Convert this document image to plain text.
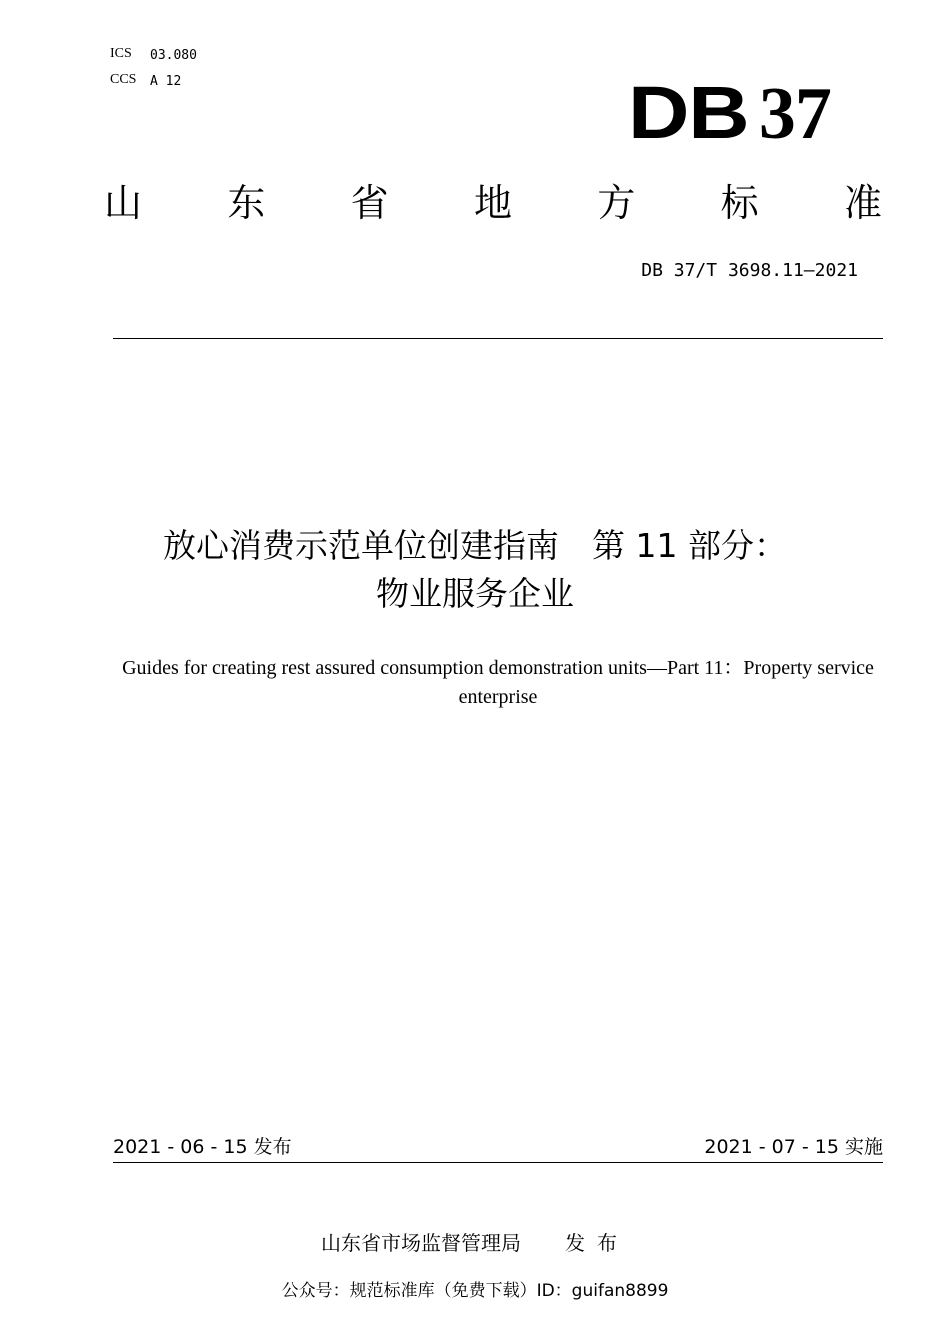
ICS 03.080
CCS A 12	DB 37
山 东 省 地 方 标 准
DB 37/T 3698.11—2021
放心消费示范单位创建指南　第 11 部分：
物业服务企业
Guides for creating rest assured consumption demonstration units—Part 11：Property service enterprise
2021 - 06 - 15 发布	2021 - 07 - 15 实施
山东省市场监督管理局 发布
公众号：规范标准库（免费下载）ID：guifan8899
